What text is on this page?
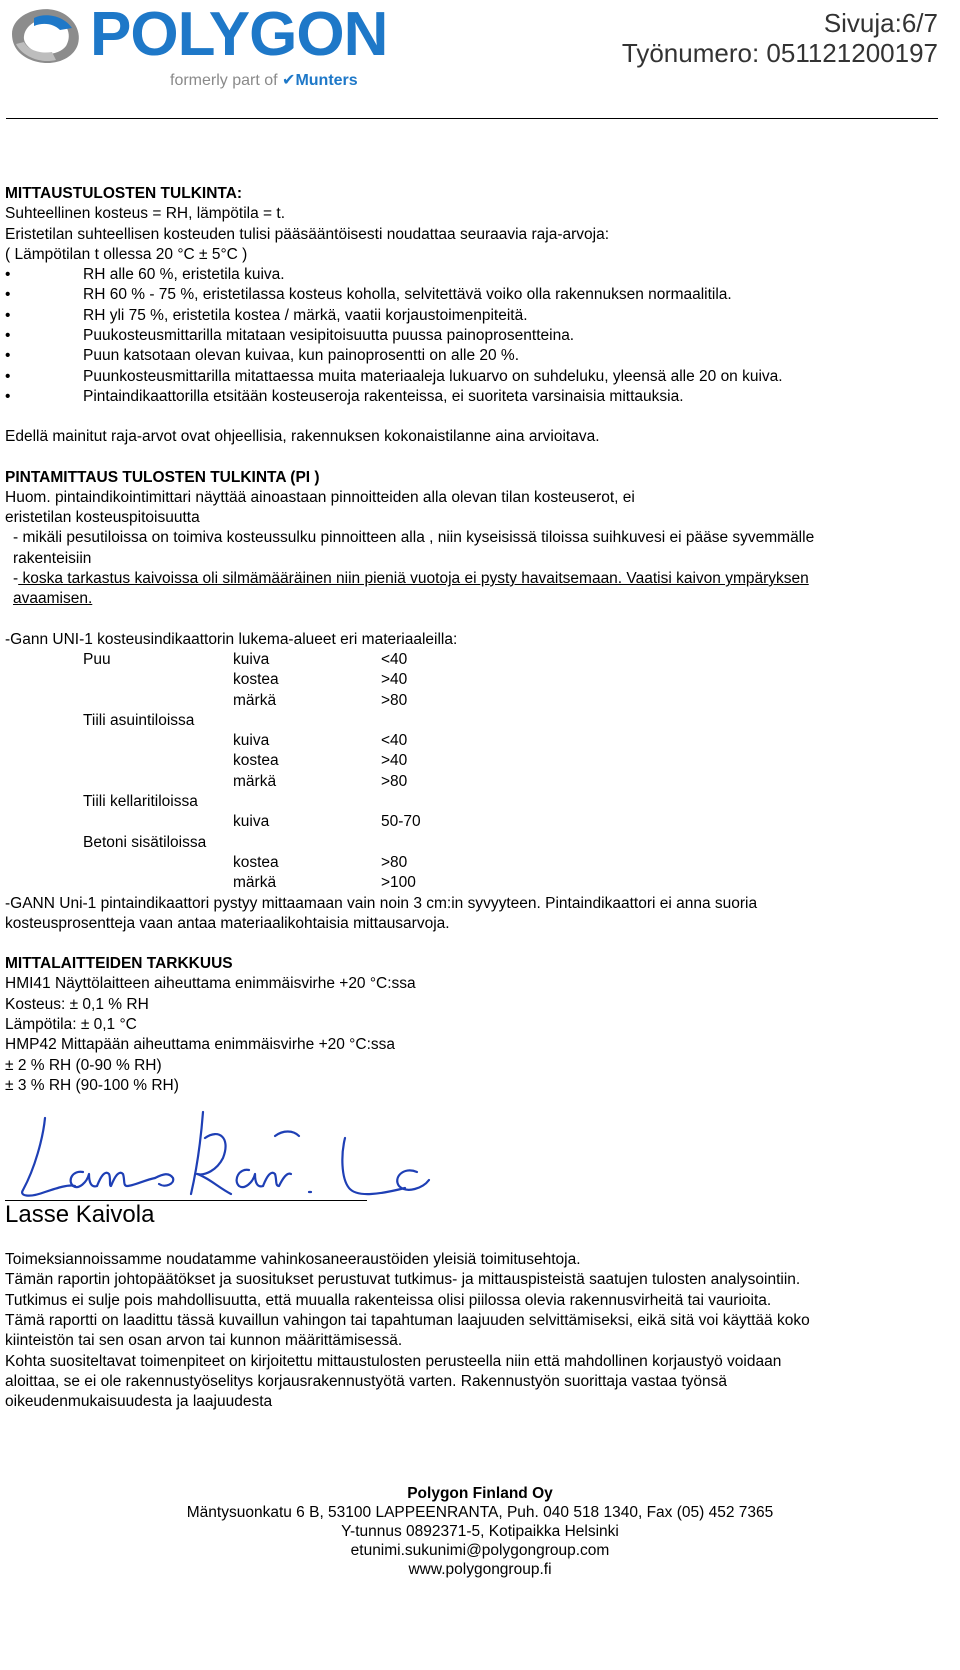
POLYGON
formerly part of ✔Munters
Sivuja:6/7
Työnumero: 051121200197

MITTAUSTULOSTEN TULKINTA:

Suhteellinen kosteus = RH, lämpötila = t.

Eristetilan suhteellisen kosteuden tulisi pääsääntöisesti noudattaa seuraavia raja-arvoja:

( Lämpötilan t ollessa 20 °C ± 5°C )

• RH alle 60 %, eristetila kuiva.
• RH 60 % - 75 %, eristetilassa kosteus koholla, selvitettävä voiko olla rakennuksen normaalitila.
• RH yli 75 %, eristetila kostea / märkä, vaatii korjaustoimenpiteitä.
• Puukosteusmittarilla mitataan vesipitoisuutta puussa painoprosentteina.
• Puun katsotaan olevan kuivaa, kun painoprosentti on alle 20 %.
• Puunkosteusmittarilla mitattaessa muita materiaaleja lukuarvo on suhdeluku, yleensä alle 20 on kuiva.
• Pintaindikaattorilla etsitään kosteuseroja rakenteissa, ei suoriteta varsinaisia mittauksia.

Edellä mainitut raja-arvot ovat ohjeellisia, rakennuksen kokonaistilanne aina arvioitava.

PINTAMITTAUS TULOSTEN TULKINTA (PI )

Huom. pintaindikointimittari näyttää ainoastaan pinnoitteiden alla olevan tilan kosteuserot, ei

eristetilan kosteuspitoisuutta

- mikäli pesutiloissa on toimiva kosteussulku pinnoitteen alla , niin kyseisissä tiloissa suihkuvesi ei pääse syvemmälle

rakenteisiin

- koska tarkastus kaivoissa oli silmämääräinen niin pieniä vuotoja ei pysty havaitsemaan. Vaatisi kaivon ympäryksen

avaamisen.

-Gann UNI-1 kosteusindikaattorin lukema-alueet eri materiaaleilla:

Puu	kuiva	<40
	kostea	>40
	märkä	>80
Tiili asuintiloissa		
	kuiva	<40
	kostea	>40
	märkä	>80
Tiili kellaritiloissa		
	kuiva	50-70
Betoni sisätiloissa		
	kostea	>80
	märkä	>100

-GANN Uni-1 pintaindikaattori pystyy mittaamaan vain noin 3 cm:in syvyyteen. Pintaindikaattori ei anna suoria

kosteusprosentteja vaan antaa materiaalikohtaisia mittausarvoja.

MITTALAITTEIDEN TARKKUUS

HMI41 Näyttölaitteen aiheuttama enimmäisvirhe +20 °C:ssa

Kosteus: ± 0,1 % RH

Lämpötila: ± 0,1 °C

HMP42 Mittapään aiheuttama enimmäisvirhe +20 °C:ssa

± 2 % RH (0-90 % RH)

± 3 % RH (90-100 % RH)

Lasse Kaivola

Toimeksiannoissamme noudatamme vahinkosaneeraustöiden yleisiä toimitusehtoja.

Tämän raportin johtopäätökset ja suositukset perustuvat tutkimus- ja mittauspisteistä saatujen tulosten analysointiin.

Tutkimus ei sulje pois mahdollisuutta, että muualla rakenteissa olisi piilossa olevia rakennusvirheitä tai vaurioita.

Tämä raportti on laadittu tässä kuvaillun vahingon tai tapahtuman laajuuden selvittämiseksi, eikä sitä voi käyttää koko

kiinteistön tai sen osan arvon tai kunnon määrittämisessä.

Kohta suositeltavat toimenpiteet on kirjoitettu mittaustulosten perusteella niin että mahdollinen korjaustyö voidaan

aloittaa, se ei ole rakennustyöselitys korjausrakennustyötä varten. Rakennustyön suorittaja vastaa työnsä

oikeudenmukaisuudesta ja laajuudesta

Polygon Finland Oy
Mäntysuonkatu 6 B, 53100 LAPPEENRANTA, Puh. 040 518 1340, Fax (05) 452 7365
Y-tunnus 0892371-5, Kotipaikka Helsinki
etunimi.sukunimi@polygongroup.com
www.polygongroup.fi
